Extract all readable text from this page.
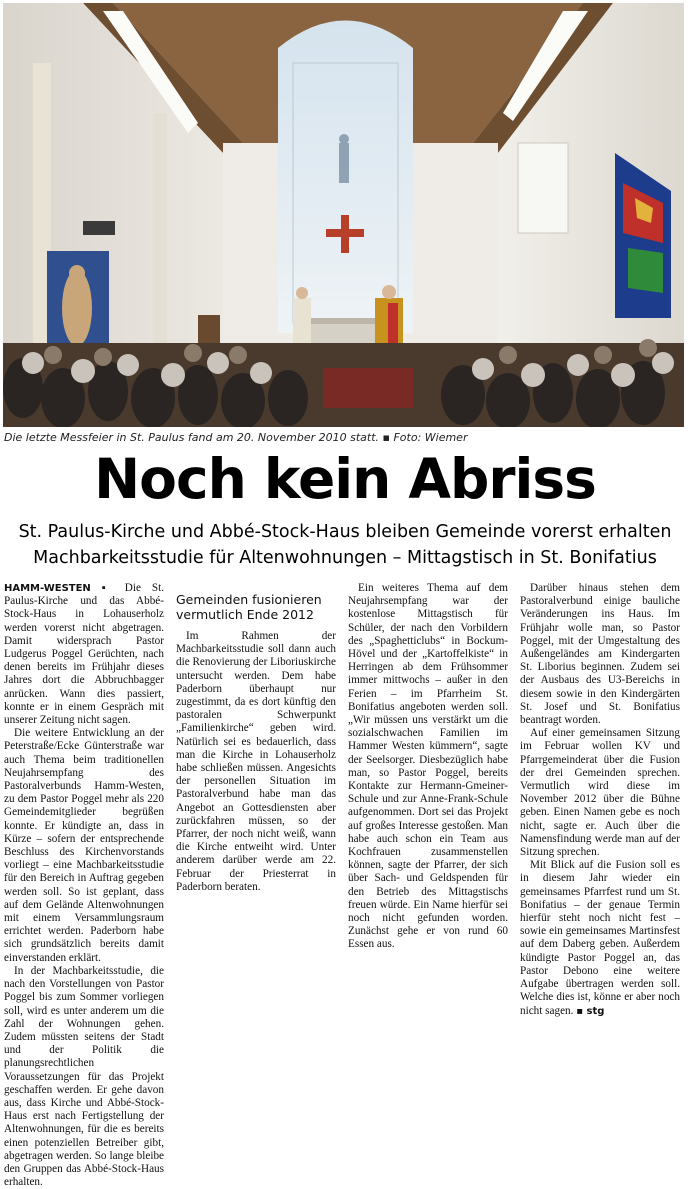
Die letzte Messfeier in St. Paulus fand am 20. November 2010 statt. ▪ Foto: Wiemer
Noch kein Abriss
St. Paulus-Kirche und Abbé-Stock-Haus bleiben Gemeinde vorerst erhalten
Machbarkeitsstudie für Altenwohnungen – Mittagstisch in St. Bonifatius

HAMM-WESTEN ▪ Die St. Paulus-Kirche und das Abbé-Stock-Haus in Lohauserholz werden vorerst nicht abgetragen. Damit widersprach Pastor Ludgerus Poggel Gerüchten, nach denen bereits im Frühjahr dieses Jahres dort die Abbruchbagger anrücken. Wann dies passiert, konnte er in einem Gespräch mit unserer Zeitung nicht sagen.

Die weitere Entwicklung an der Peterstraße/Ecke Günterstraße war auch Thema beim traditionellen Neujahrsempfang des Pastoralverbunds Hamm-Westen, zu dem Pastor Poggel mehr als 220 Gemeindemitglieder begrüßen konnte. Er kündigte an, dass in Kürze – sofern der entsprechende Beschluss des Kirchenvorstands vorliegt – eine Machbarkeitsstudie für den Bereich in Auftrag gegeben werden soll. So ist geplant, dass auf dem Gelände Altenwohnungen mit einem Versammlungsraum errichtet werden. Paderborn habe sich grundsätzlich bereits damit einverstanden erklärt.

In der Machbarkeitsstudie, die nach den Vorstellungen von Pastor Poggel bis zum Sommer vorliegen soll, wird es unter anderem um die Zahl der Wohnungen gehen. Zudem müssten seitens der Stadt und der Politik die planungsrechtlichen Voraussetzungen für das Projekt geschaffen werden. Er gehe davon aus, dass Kirche und Abbé-Stock-Haus erst nach Fertigstellung der Altenwohnungen, für die es bereits einen potenziellen Betreiber gibt, abgetragen werden. So lange bleibe den Gruppen das Abbé-Stock-Haus erhalten.

Gemeinden fusionieren vermutlich Ende 2012

Im Rahmen der Machbarkeitsstudie soll dann auch die Renovierung der Liboriuskirche untersucht werden. Dem habe Paderborn überhaupt nur zugestimmt, da es dort künftig den pastoralen Schwerpunkt „Familienkirche“ geben wird. Natürlich sei es bedauerlich, dass man die Kirche in Lohauserholz habe schließen müssen. Angesichts der personellen Situation im Pastoralverbund habe man das Angebot an Gottesdiensten aber zurückfahren müssen, so der Pfarrer, der noch nicht weiß, wann die Kirche entweiht wird. Unter anderem darüber werde am 22. Februar der Priesterrat in Paderborn beraten.

Ein weiteres Thema auf dem Neujahrsempfang war der kostenlose Mittagstisch für Schüler, der nach den Vorbildern des „Spaghetticlubs“ in Bockum-Hövel und der „Kartoffelkiste“ in Herringen ab dem Frühsommer immer mittwochs – außer in den Ferien – im Pfarrheim St. Bonifatius angeboten werden soll. „Wir müssen uns verstärkt um die sozialschwachen Familien im Hammer Westen kümmern“, sagte der Seelsorger. Diesbezüglich habe man, so Pastor Poggel, bereits Kontakte zur Hermann-Gmeiner-Schule und zur Anne-Frank-Schule aufgenommen. Dort sei das Projekt auf großes Interesse gestoßen. Man habe auch schon ein Team aus Kochfrauen zusammenstellen können, sagte der Pfarrer, der sich über Sach- und Geldspenden für den Betrieb des Mittagstischs freuen würde. Ein Name hierfür sei noch nicht gefunden worden. Zunächst gehe er von rund 60 Essen aus.

Darüber hinaus stehen dem Pastoralverbund einige bauliche Veränderungen ins Haus. Im Frühjahr wolle man, so Pastor Poggel, mit der Umgestaltung des Außengeländes am Kindergarten St. Liborius beginnen. Zudem sei der Ausbaus des U3-Bereichs in diesem sowie in den Kindergärten St. Josef und St. Bonifatius beantragt worden.

Auf einer gemeinsamen Sitzung im Februar wollen KV und Pfarrgemeinderat über die Fusion der drei Gemeinden sprechen. Vermutlich wird diese im November 2012 über die Bühne geben. Einen Namen gebe es noch nicht, sagte er. Auch über die Namensfindung werde man auf der Sitzung sprechen.

Mit Blick auf die Fusion soll es in diesem Jahr wieder ein gemeinsames Pfarrfest rund um St. Bonifatius – der genaue Termin hierfür steht noch nicht fest – sowie ein gemeinsames Martinsfest auf dem Daberg geben. Außerdem kündigte Pastor Poggel an, das Pastor Debono eine weitere Aufgabe übertragen werden soll. Welche dies ist, könne er aber noch nicht sagen. ▪ stg
